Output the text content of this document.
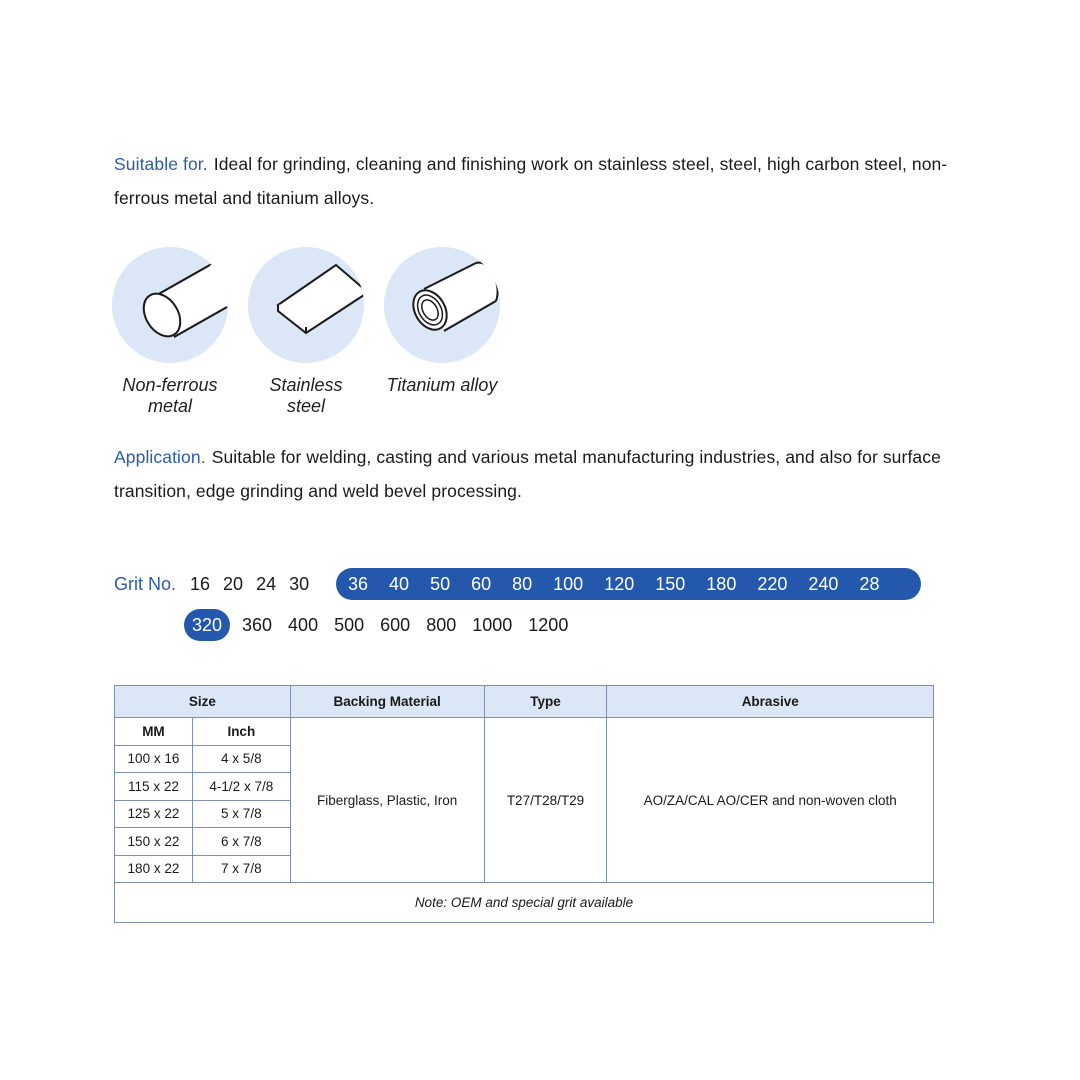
Suitable for. Ideal for grinding, cleaning and finishing work on stainless steel, steel, high carbon steel, non-ferrous metal and titanium alloys.

Non-ferrous metal
Stainless steel
Titanium alloy

Application. Suitable for welding, casting and various metal manufacturing industries, and also for surface transition, edge grinding and weld bevel processing.

Grit No. 16 20 24 30 36 40 50 60 80 100 120 150 180 220 240 28
320 360 400 500 600 800 1000 1200
Size		Backing Material	Type	Abrasive
MM	Inch	Fiberglass, Plastic, Iron	T27/T28/T29	AO/ZA/CAL AO/CER and non-woven cloth
100 x 16	4 x 5/8			
115 x 22	4-1/2 x 7/8			
125 x 22	5 x 7/8			
150 x 22	6 x 7/8			
180 x 22	7 x 7/8			
Note: OEM and special grit available				
